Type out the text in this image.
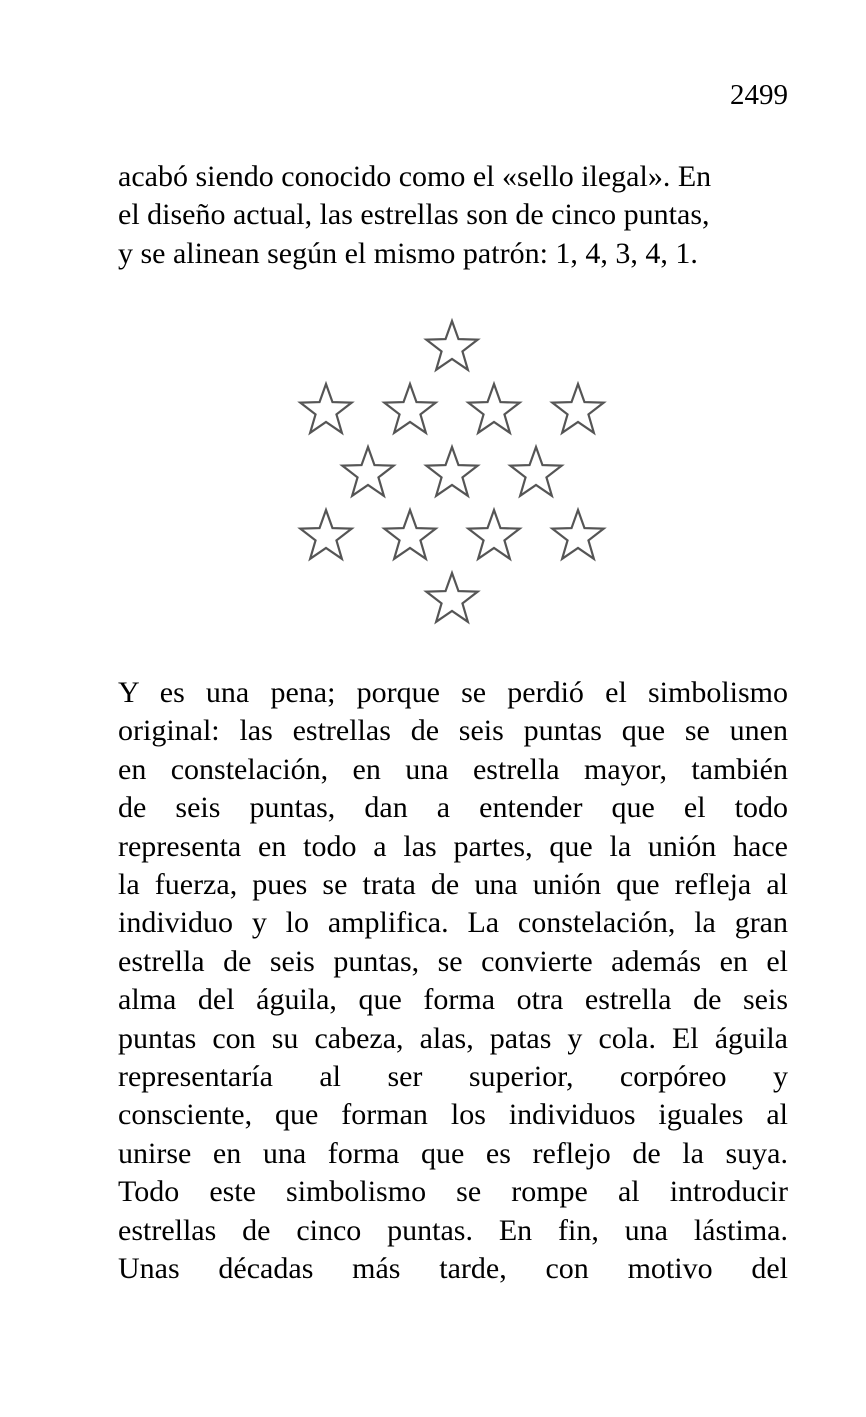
2499
acabó siendo conocido como el «sello ilegal». En
el diseño actual, las estrellas son de cinco puntas,
y se alinean según el mismo patrón: 1, 4, 3, 4, 1.
Y es una pena; porque se perdió el simbolismo
original: las estrellas de seis puntas que se unen
en constelación, en una estrella mayor, también
de seis puntas, dan a entender que el todo
representa en todo a las partes, que la unión hace
la fuerza, pues se trata de una unión que refleja al
individuo y lo amplifica. La constelación, la gran
estrella de seis puntas, se convierte además en el
alma del águila, que forma otra estrella de seis
puntas con su cabeza, alas, patas y cola. El águila
representaría al ser superior, corpóreo y
consciente, que forman los individuos iguales al
unirse en una forma que es reflejo de la suya.
Todo este simbolismo se rompe al introducir
estrellas de cinco puntas. En fin, una lástima.
Unas décadas más tarde, con motivo del
